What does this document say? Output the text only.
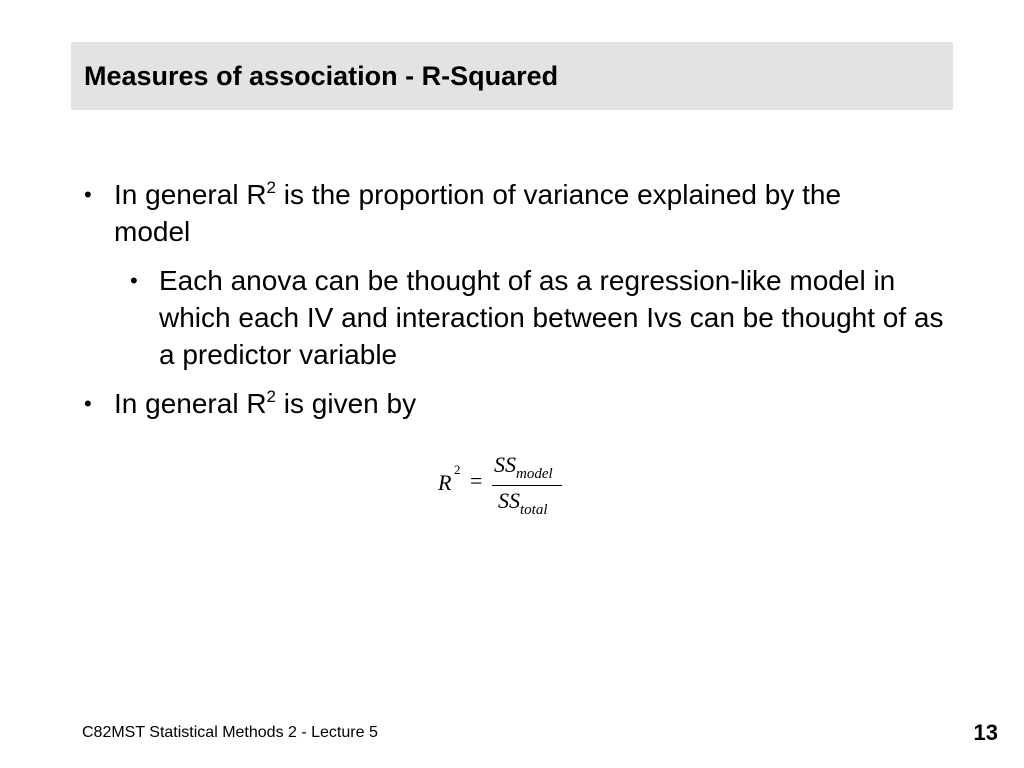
Measures of association - R-Squared
• In general $R^2$ is the proportion of variance explained by the model
• Each anova can be thought of as a regression-like model in which each IV and interaction between Ivs can be thought of as a predictor variable
• In general $R^2$ is given by
R
2 =
$SS_{model}$
$SS_{total}$
C82MST Statistical Methods 2 - Lecture 5	13
